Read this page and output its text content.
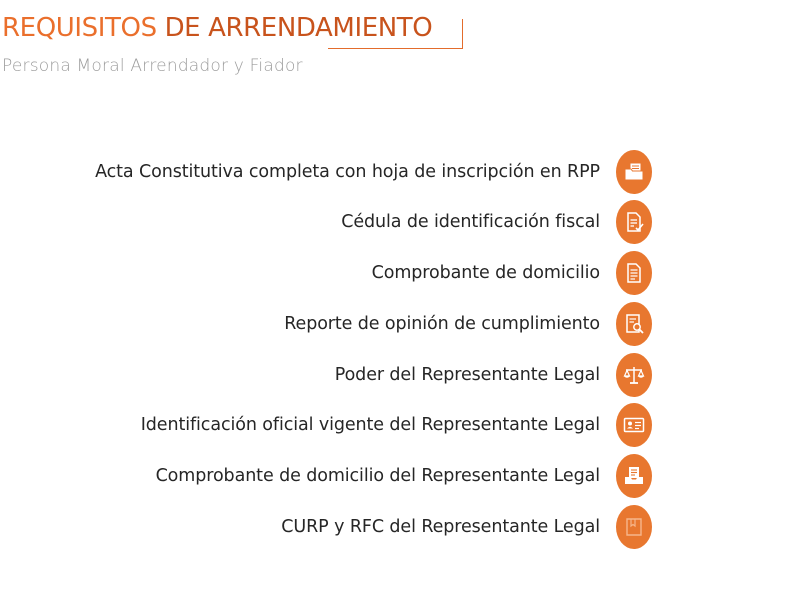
REQUISITOS DE ARRENDAMIENTO

Persona Moral Arrendador y Fiador

Acta Constitutiva completa con hoja de inscripción en RPP
Cédula de identificación fiscal
Comprobante de domicilio
Reporte de opinión de cumplimiento
Poder del Representante Legal
Identificación oficial vigente del Representante Legal
Comprobante de domicilio del Representante Legal
CURP y RFC del Representante Legal
